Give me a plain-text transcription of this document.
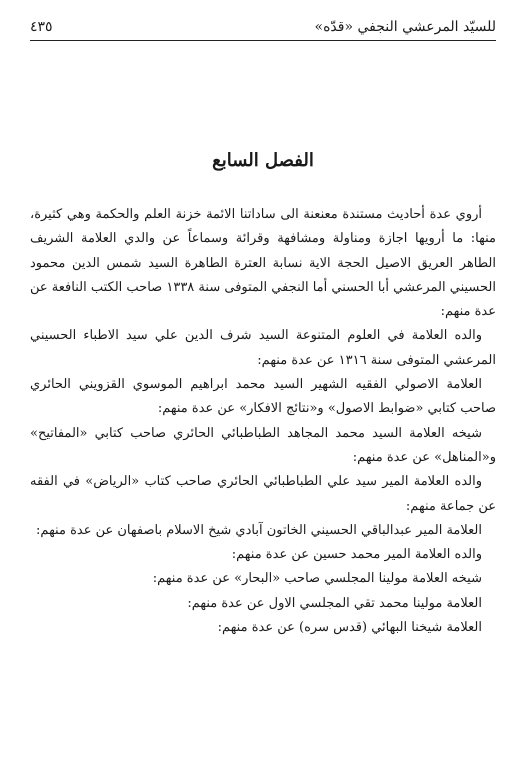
للسيّد المرعشي النجفي «قدّه»
٤٣٥
الفصل السابع

أروي عدة أحاديث مستندة معنعنة الى ساداتنا الائمة خزنة العلم والحكمة وهي كثيرة، منها: ما أرويها اجازة ومناولة ومشافهة وقرائة وسماعاً عن والدي العلامة الشريف الطاهر العريق الاصيل الحجة الاية نسابة العترة الطاهرة السيد شمس الدين محمود الحسيني المرعشي أبا الحسني أما النجفي المتوفى سنة ١٣٣٨ صاحب الكتب النافعة عن عدة منهم:

والده العلامة في العلوم المتنوعة السيد شرف الدين علي سيد الاطباء الحسيني المرعشي المتوفى سنة ١٣١٦ عن عدة منهم:

العلامة الاصولي الفقيه الشهير السيد محمد ابراهيم الموسوي القزويني الحائري صاحب كتابي «ضوابط الاصول» و«نتائج الافكار» عن عدة منهم:

شيخه العلامة السيد محمد المجاهد الطباطبائي الحائري صاحب كتابي «المفاتيح» و«المناهل» عن عدة منهم:

والده العلامة المير سيد علي الطباطبائي الحائري صاحب كتاب «الرياض» في الفقه عن جماعة منهم:

العلامة المير عبدالباقي الحسيني الخاتون آبادي شيخ الاسلام باصفهان عن عدة منهم:

والده العلامة المير محمد حسين عن عدة منهم:

شيخه العلامة مولينا المجلسي صاحب «البحار» عن عدة منهم:

العلامة مولينا محمد تقي المجلسي الاول عن عدة منهم:

العلامة شيخنا البهائي (قدس سره) عن عدة منهم:
